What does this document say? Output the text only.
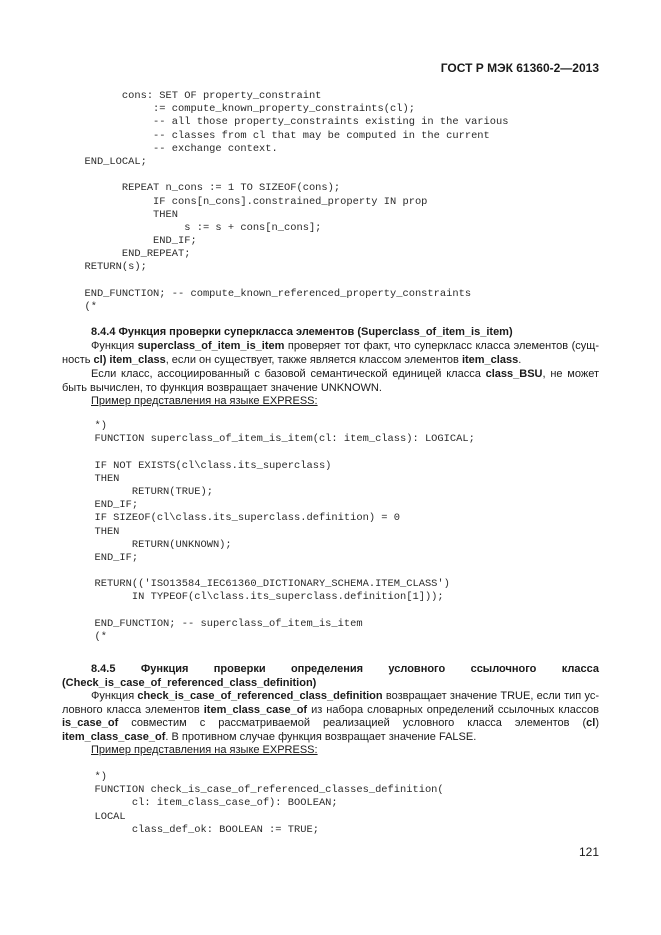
ГОСТ Р МЭК 61360-2—2013
cons: SET OF property_constraint
:= compute_known_property_constraints(cl);
-- all those property_constraints existing in the various
-- classes from cl that may be computed in the current
-- exchange context.
END_LOCAL;
REPEAT n_cons := 1 TO SIZEOF(cons);
IF cons[n_cons].constrained_property IN prop
THEN
s := s + cons[n_cons];
END_IF;
END_REPEAT;
RETURN(s);
END_FUNCTION; -- compute_known_referenced_property_constraints
(*
8.4.4 Функция проверки суперкласса элементов (Superclass_of_item_is_item)

Функция superclass_of_item_is_item проверяет тот факт, что суперкласс класса элементов (сущ-ность cl) item_class, если он существует, также является классом элементов item_class.

Если класс, ассоциированный с базовой семантической единицей класса class_BSU, не может быть вычислен, то функция возвращает значение UNKNOWN.

Пример представления на языке EXPRESS:

*)
FUNCTION superclass_of_item_is_item(cl: item_class): LOGICAL;
IF NOT EXISTS(cl\class.its_superclass)
THEN
RETURN(TRUE);
END_IF;
IF SIZEOF(cl\class.its_superclass.definition) = 0
THEN
RETURN(UNKNOWN);
END_IF;
RETURN(('ISO13584_IEC61360_DICTIONARY_SCHEMA.ITEM_CLASS')
IN TYPEOF(cl\class.its_superclass.definition[1]));
END_FUNCTION; -- superclass_of_item_is_item
(*

8.4.5 Функция проверки определения условного ссылочного класса (Check_is_case_of_referenced_class_definition)

Функция check_is_case_of_referenced_class_definition возвращает значение TRUE, если тип ус-ловного класса элементов item_class_case_of из набора словарных определений ссылочных классов is_case_of совместим с рассматриваемой реализацией условного класса элементов (cl) item_class_case_of. В противном случае функция возвращает значение FALSE.

Пример представления на языке EXPRESS:

*)
FUNCTION check_is_case_of_referenced_classes_definition(
cl: item_class_case_of): BOOLEAN;
LOCAL
class_def_ok: BOOLEAN := TRUE;
121
